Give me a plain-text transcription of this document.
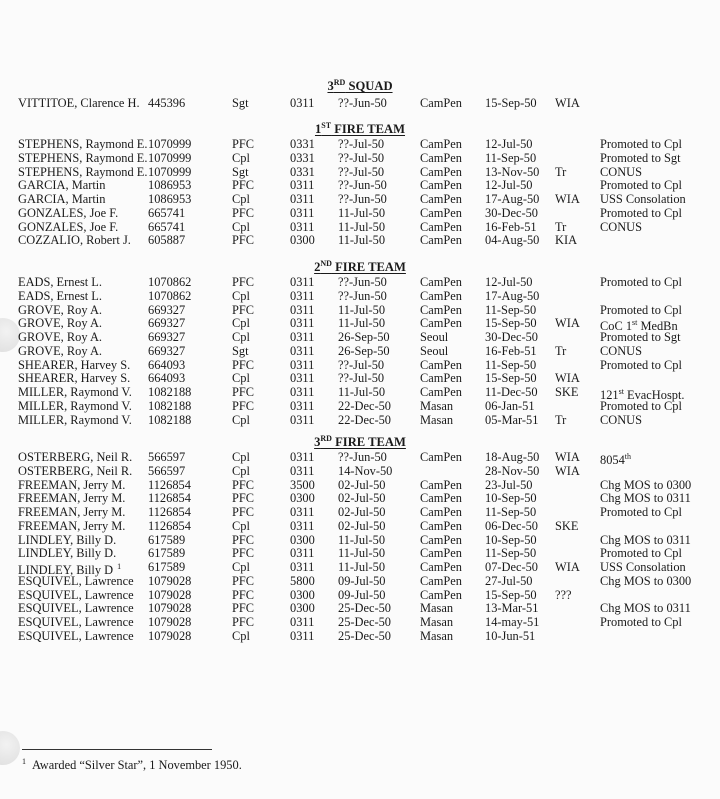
3RD SQUAD
VITTITOE, Clarence H. 445396	Sgt	0311 ??-Jun-50	CamPen 15-Sep-50 WIA
1ST FIRE TEAM
STEPHENS, Raymond E. 1070999	PFC	0331 ??-Jul-50	CamPen 12-Jul-50	Promoted to Cpl
STEPHENS, Raymond E. 1070999	Cpl	0331 ??-Jul-50	CamPen 11-Sep-50	Promoted to Sgt
STEPHENS, Raymond E. 1070999	Sgt	0331 ??-Jul-50	CamPen 13-Nov-50 Tr	CONUS
GARCIA, Martin	1086953	PFC	0311 ??-Jun-50	CamPen 12-Jul-50	Promoted to Cpl
GARCIA, Martin	1086953	Cpl	0311 ??-Jun-50	CamPen 17-Aug-50 WIA USS Consolation
GONZALES, Joe F. 665741	PFC	0311 11-Jul-50	CamPen 30-Dec-50	Promoted to Cpl
GONZALES, Joe F. 665741	Cpl	0311 11-Jul-50	CamPen 16-Feb-51 Tr	CONUS
COZZALIO, Robert J. 605887	PFC	0300 11-Jul-50	CamPen 04-Aug-50 KIA
2ND FIRE TEAM
EADS, Ernest L.	1070862	PFC	0311 ??-Jun-50	CamPen 12-Jul-50	Promoted to Cpl
EADS, Ernest L.	1070862	Cpl	0311 ??-Jun-50	CamPen 17-Aug-50
GROVE, Roy A.	669327	PFC	0311 11-Jul-50	CamPen 11-Sep-50	Promoted to Cpl
GROVE, Roy A.	669327	Cpl	0311 11-Jul-50	CamPen 15-Sep-50 WIA CoC 1st MedBn
GROVE, Roy A.	669327	Cpl	0311 26-Sep-50 Seoul	30-Dec-50	Promoted to Sgt
GROVE, Roy A.	669327	Sgt	0311 26-Sep-50 Seoul	16-Feb-51 Tr	CONUS
SHEARER, Harvey S. 664093	PFC	0311 ??-Jul-50	CamPen 11-Sep-50	Promoted to Cpl
SHEARER, Harvey S. 664093	Cpl	0311 ??-Jul-50	CamPen 15-Sep-50 WIA
MILLER, Raymond V. 1082188	PFC	0311 11-Jul-50	CamPen 11-Dec-50 SKE 121st EvacHospt.
MILLER, Raymond V. 1082188	PFC	0311 22-Dec-50 Masan	06-Jan-51	Promoted to Cpl
MILLER, Raymond V. 1082188	Cpl	0311 22-Dec-50 Masan	05-Mar-51 Tr	CONUS
3RD FIRE TEAM
OSTERBERG, Neil R. 566597	Cpl	0311 ??-Jun-50	CamPen 18-Aug-50 WIA 8054th
OSTERBERG, Neil R. 566597	Cpl	0311 14-Nov-50	28-Nov-50 WIA
FREEMAN, Jerry M. 1126854	PFC	3500 02-Jul-50	CamPen 23-Jul-50	Chg MOS to 0300
FREEMAN, Jerry M. 1126854	PFC	0300 02-Jul-50	CamPen 10-Sep-50	Chg MOS to 0311
FREEMAN, Jerry M. 1126854	PFC	0311 02-Jul-50	CamPen 11-Sep-50	Promoted to Cpl
FREEMAN, Jerry M. 1126854	Cpl	0311 02-Jul-50	CamPen 06-Dec-50 SKE
LINDLEY, Billy D.	617589	PFC	0300 11-Jul-50	CamPen 10-Sep-50	Chg MOS to 0311
LINDLEY, Billy D.	617589	PFC	0311 11-Jul-50	CamPen 11-Sep-50	Promoted to Cpl
LINDLEY, Billy D $^1$ 617589	Cpl	0311 11-Jul-50	CamPen 07-Dec-50 WIA USS Consolation
ESQUIVEL, Lawrence 1079028	PFC	5800 09-Jul-50	CamPen 27-Jul-50	Chg MOS to 0300
ESQUIVEL, Lawrence 1079028	PFC	0300 09-Jul-50	CamPen 15-Sep-50 ???
ESQUIVEL, Lawrence 1079028	PFC	0300 25-Dec-50 Masan	13-Mar-51	Chg MOS to 0311
ESQUIVEL, Lawrence 1079028	PFC	0311 25-Dec-50 Masan	14-may-51	Promoted to Cpl
ESQUIVEL, Lawrence 1079028	Cpl	0311 25-Dec-50 Masan	10-Jun-51
$^1$ Awarded “Silver Star”, 1 November 1950.
